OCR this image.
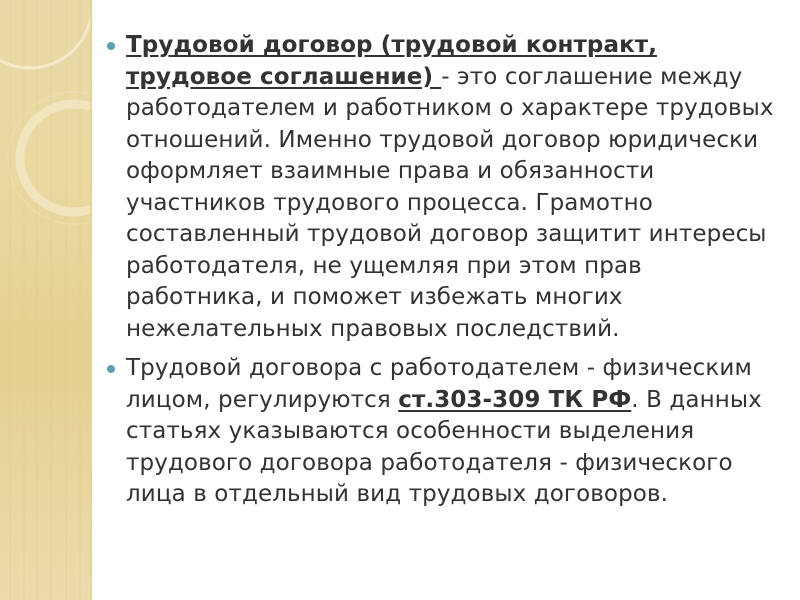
Трудовой договор (трудовой контракт, трудовое соглашение) - это соглашение между работодателем и работником о характере трудовых отношений. Именно трудовой договор юридически оформляет взаимные права и обязанности участников трудового процесса. Грамотно составленный трудовой договор защитит интересы работодателя, не ущемляя при этом прав работника, и поможет избежать многих нежелательных правовых последствий.
Трудовой договора с работодателем - физическим лицом, регулируются ст.303-309 ТК РФ. В данных статьях указываются особенности выделения трудового договора работодателя - физического лица в отдельный вид трудовых договоров.
